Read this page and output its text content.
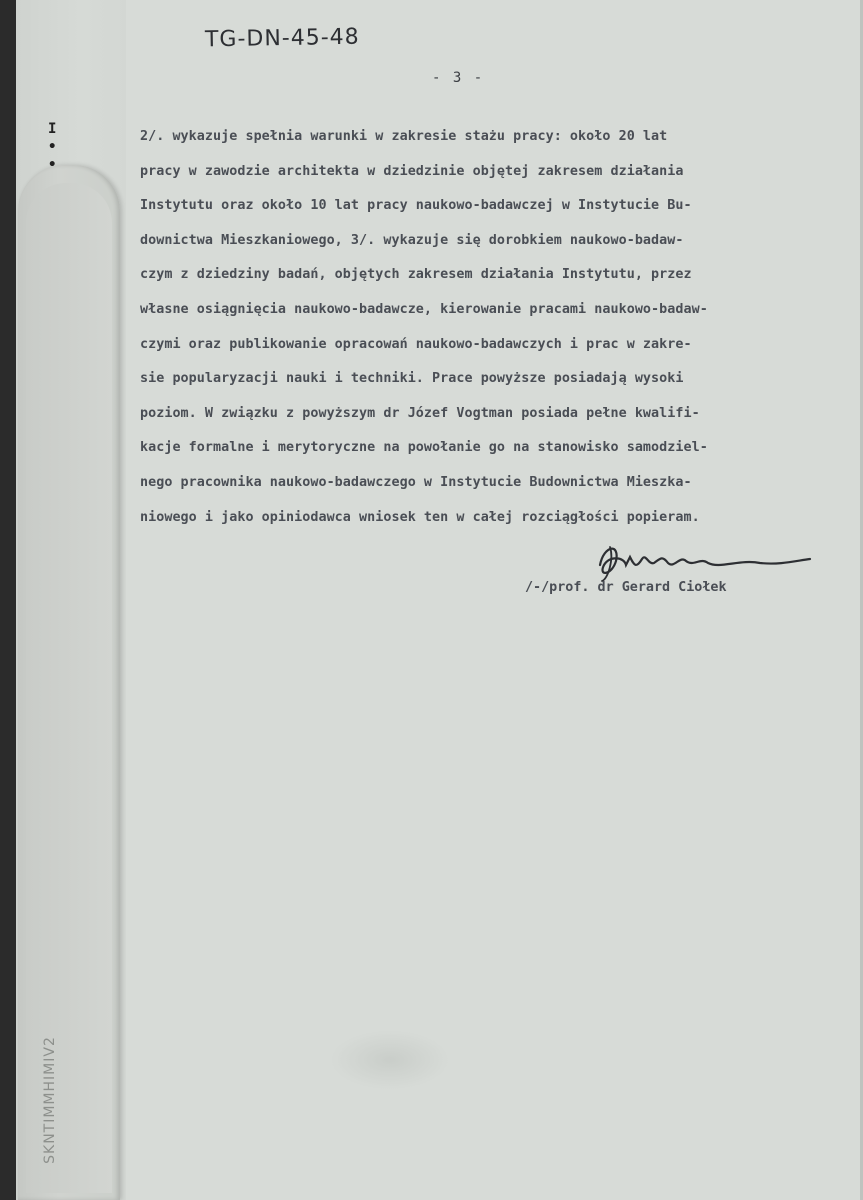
І
•
•
SKNTIMMHIMIV2
TG-DN-45-48
- 3 -
2/. wykazuje spełnia warunki w zakresie stażu pracy: około 20 lat
pracy w zawodzie architekta w dziedzinie objętej zakresem działania
Instytutu oraz około 10 lat pracy naukowo-badawczej w Instytucie Bu-
downictwa Mieszkaniowego, 3/. wykazuje się dorobkiem naukowo-badaw-
czym z dziedziny badań, objętych zakresem działania Instytutu, przez
własne osiągnięcia naukowo-badawcze, kierowanie pracami naukowo-badaw-
czymi oraz publikowanie opracowań naukowo-badawczych i prac w zakre-
sie popularyzacji nauki i techniki. Prace powyższe posiadają wysoki
poziom. W związku z powyższym dr Józef Vogtman posiada pełne kwalifi-
kacje formalne i merytoryczne na powołanie go na stanowisko samodziel-
nego pracownika naukowo-badawczego w Instytucie Budownictwa Mieszka-
niowego i jako opiniodawca wniosek ten w całej rozciągłości popieram.
/-/prof. dr Gerard Ciołek
